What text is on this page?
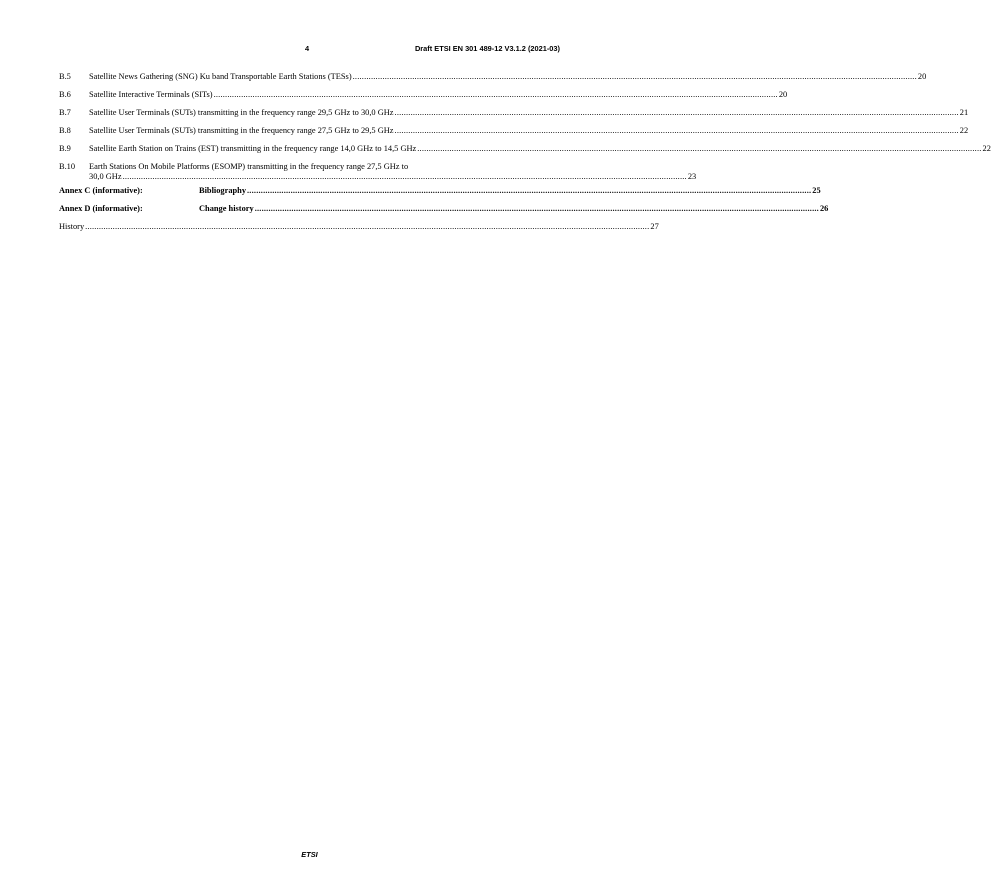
4	Draft ETSI EN 301 489-12 V3.1.2 (2021-03)
B.5	Satellite News Gathering (SNG) Ku band Transportable Earth Stations (TESs) .....	20
B.6	Satellite Interactive Terminals (SITs) .....	20
B.7	Satellite User Terminals (SUTs) transmitting in the frequency range 29,5 GHz to 30,0 GHz .....	21
B.8	Satellite User Terminals (SUTs) transmitting in the frequency range 27,5 GHz to 29,5 GHz .....	22
B.9	Satellite Earth Station on Trains (EST) transmitting in the frequency range 14,0 GHz to 14,5 GHz .....	22
B.10	Earth Stations On Mobile Platforms (ESOMP) transmitting in the frequency range 27,5 GHz to
30,0 GHz .....	23
Annex C (informative):	Bibliography .....	25
Annex D (informative):	Change history .....	26
History .....	27
ETSI
